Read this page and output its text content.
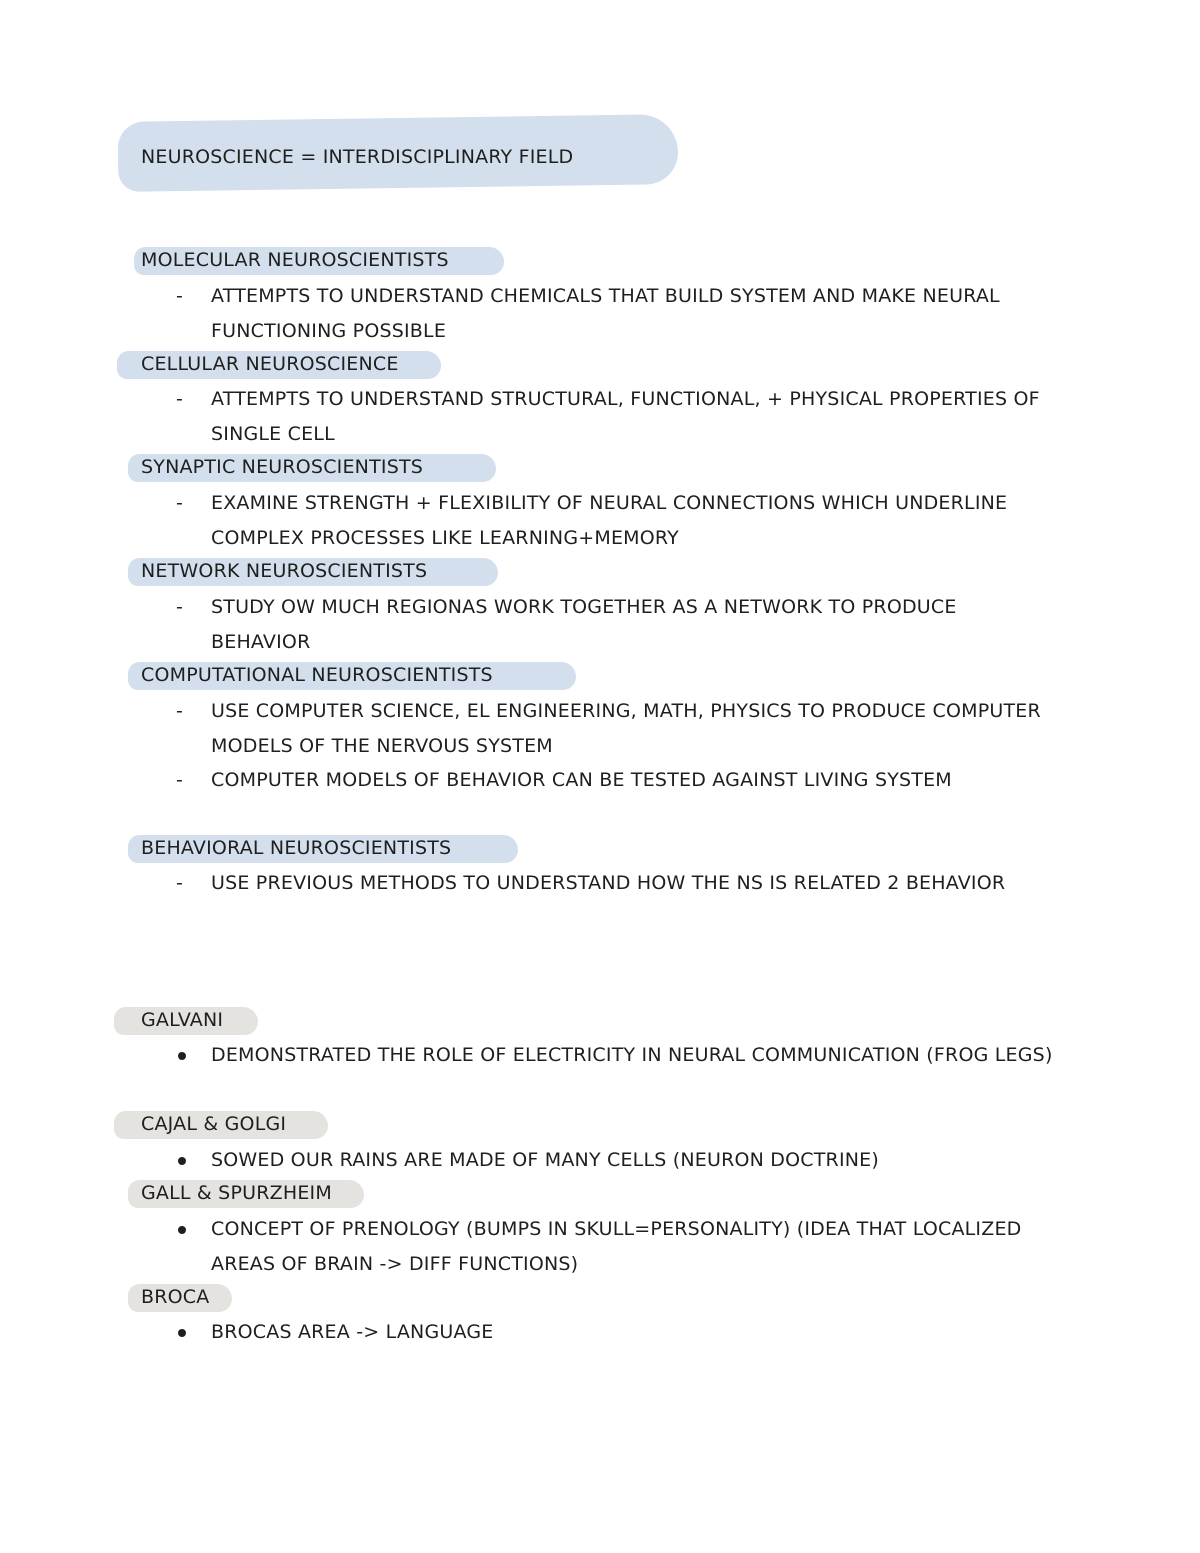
NEUROSCIENCE = INTERDISCIPLINARY FIELD
MOLECULAR NEUROSCIENTISTS
- ATTEMPTS TO UNDERSTAND CHEMICALS THAT BUILD SYSTEM AND MAKE NEURAL FUNCTIONING POSSIBLE
CELLULAR NEUROSCIENCE
- ATTEMPTS TO UNDERSTAND STRUCTURAL, FUNCTIONAL, + PHYSICAL PROPERTIES OF SINGLE CELL
SYNAPTIC NEUROSCIENTISTS
- EXAMINE STRENGTH + FLEXIBILITY OF NEURAL CONNECTIONS WHICH UNDERLINE COMPLEX PROCESSES LIKE LEARNING+MEMORY
NETWORK NEUROSCIENTISTS
- STUDY OW MUCH REGIONAS WORK TOGETHER AS A NETWORK TO PRODUCE BEHAVIOR
COMPUTATIONAL NEUROSCIENTISTS
- USE COMPUTER SCIENCE, EL ENGINEERING, MATH, PHYSICS TO PRODUCE COMPUTER MODELS OF THE NERVOUS SYSTEM
- COMPUTER MODELS OF BEHAVIOR CAN BE TESTED AGAINST LIVING SYSTEM
BEHAVIORAL NEUROSCIENTISTS
- USE PREVIOUS METHODS TO UNDERSTAND HOW THE NS IS RELATED 2 BEHAVIOR
GALVANI
DEMONSTRATED THE ROLE OF ELECTRICITY IN NEURAL COMMUNICATION (FROG LEGS)
CAJAL & GOLGI
SOWED OUR RAINS ARE MADE OF MANY CELLS (NEURON DOCTRINE)
GALL & SPURZHEIM
CONCEPT OF PRENOLOGY (BUMPS IN SKULL=PERSONALITY) (IDEA THAT LOCALIZED AREAS OF BRAIN -> DIFF FUNCTIONS)
BROCA
BROCAS AREA -> LANGUAGE
